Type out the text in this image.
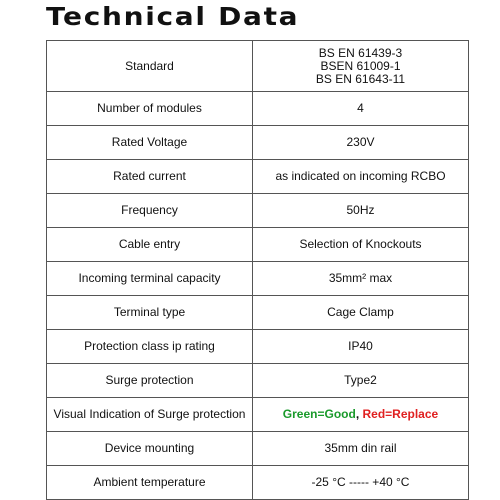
Technical Data
Standard	BS EN 61439-3
BSEN 61009-1
BS EN 61643-11

Number of modules	4
Rated Voltage	230V
Rated current	as indicated on incoming RCBO
Frequency	50Hz
Cable entry	Selection of Knockouts
Incoming terminal capacity	35mm² max
Terminal type	Cage Clamp
Protection class ip rating	IP40
Surge protection	Type2
Visual Indication of Surge protection	Green=Good, Red=Replace
Device mounting	35mm din rail
Ambient temperature	-25 °C ----- +40 °C
